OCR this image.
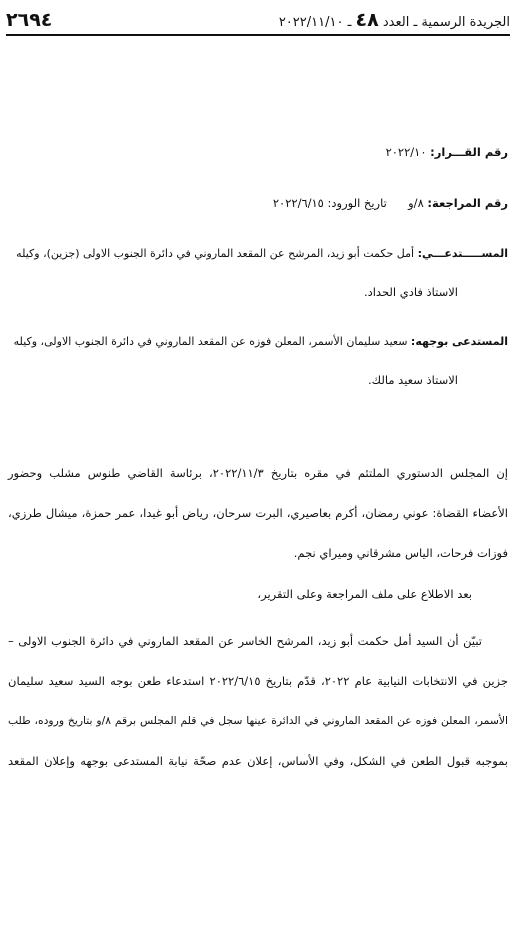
٢٦٩٤	الجريدة الرسمية ـ العدد ٤٨ ـ ٢٠٢٢/١١/١٠
رقم القـــرار: ٢٠٢٢/١٠
رقم المراجعة: ٨/و  تاريخ الورود: ٢٠٢٢/٦/١٥
المســـــتدعـــي: أمل حكمت أبو زيد، المرشح عن المقعد الماروني في دائرة الجنوب الاولى (جزين)، وكيله
الاستاذ فادي الحداد.
المستدعى بوجهه: سعيد سليمان الأسمر، المعلن فوزه عن المقعد الماروني في دائرة الجنوب الاولى، وكيله
الاستاذ سعيد مالك.
إن المجلس الدستوري الملتئم في مقره بتاريخ ٢٠٢٢/١١/٣، برئاسة القاضي طنوس مشلب وحضور
الأعضاء القضاة: عوني رمضان، أكرم بعاصيري، البرت سرحان، رياض أبو غيدا، عمر حمزة، ميشال طرزي،
فوزات فرحات، الياس مشرقاني وميراي نجم.
بعد الاطلاع على ملف المراجعة وعلى التقرير،
تبيّن أن السيد أمل حكمت أبو زيد، المرشح الخاسر عن المقعد الماروني في دائرة الجنوب الاولى –
جزين في الانتخابات النيابية عام ٢٠٢٢، قدّم بتاريخ ٢٠٢٢/٦/١٥ استدعاء طعن بوجه السيد سعيد سليمان
الأسمر، المعلن فوزه عن المقعد الماروني في الدائرة عينها سجل في قلم المجلس برقم ٨/و بتاريخ وروده، طلب
بموجبه قبول الطعن في الشكل، وفي الأساس، إعلان عدم صحّة نيابة المستدعى بوجهه وإعلان المقعد
